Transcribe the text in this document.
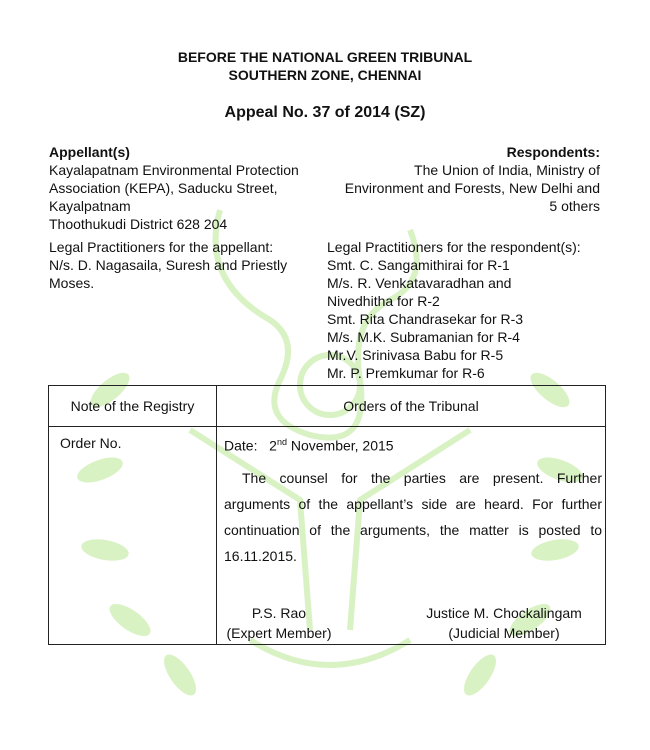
BEFORE THE NATIONAL GREEN TRIBUNAL
SOUTHERN ZONE, CHENNAI
Appeal No. 37 of 2014 (SZ)
Appellant(s)
Kayalapatnam Environmental Protection
Association (KEPA), Saducku Street,
Kayalpatnam
Thoothukudi District 628 204
Respondents:
The Union of India, Ministry of
Environment and Forests, New Delhi and
5 others
Legal Practitioners for the appellant:
N/s. D. Nagasaila, Suresh and Priestly
Moses.
Legal Practitioners for the respondent(s):
Smt. C. Sangamithirai for R-1
M/s. R. Venkatavaradhan and
Nivedhitha for R-2
Smt. Rita Chandrasekar for R-3
M/s. M.K. Subramanian for R-4
Mr.V. Srinivasa Babu for R-5
Mr. P. Premkumar for R-6
Note of the Registry	Orders of the Tribunal
Order No.	Date: 2nd November, 2015
The counsel for the parties are present. Further arguments of the appellant’s side are heard. For further continuation of the arguments, the matter is posted to 16.11.2015.
P.S. Rao
(Expert Member)
Justice M. Chockalingam
(Judicial Member)
